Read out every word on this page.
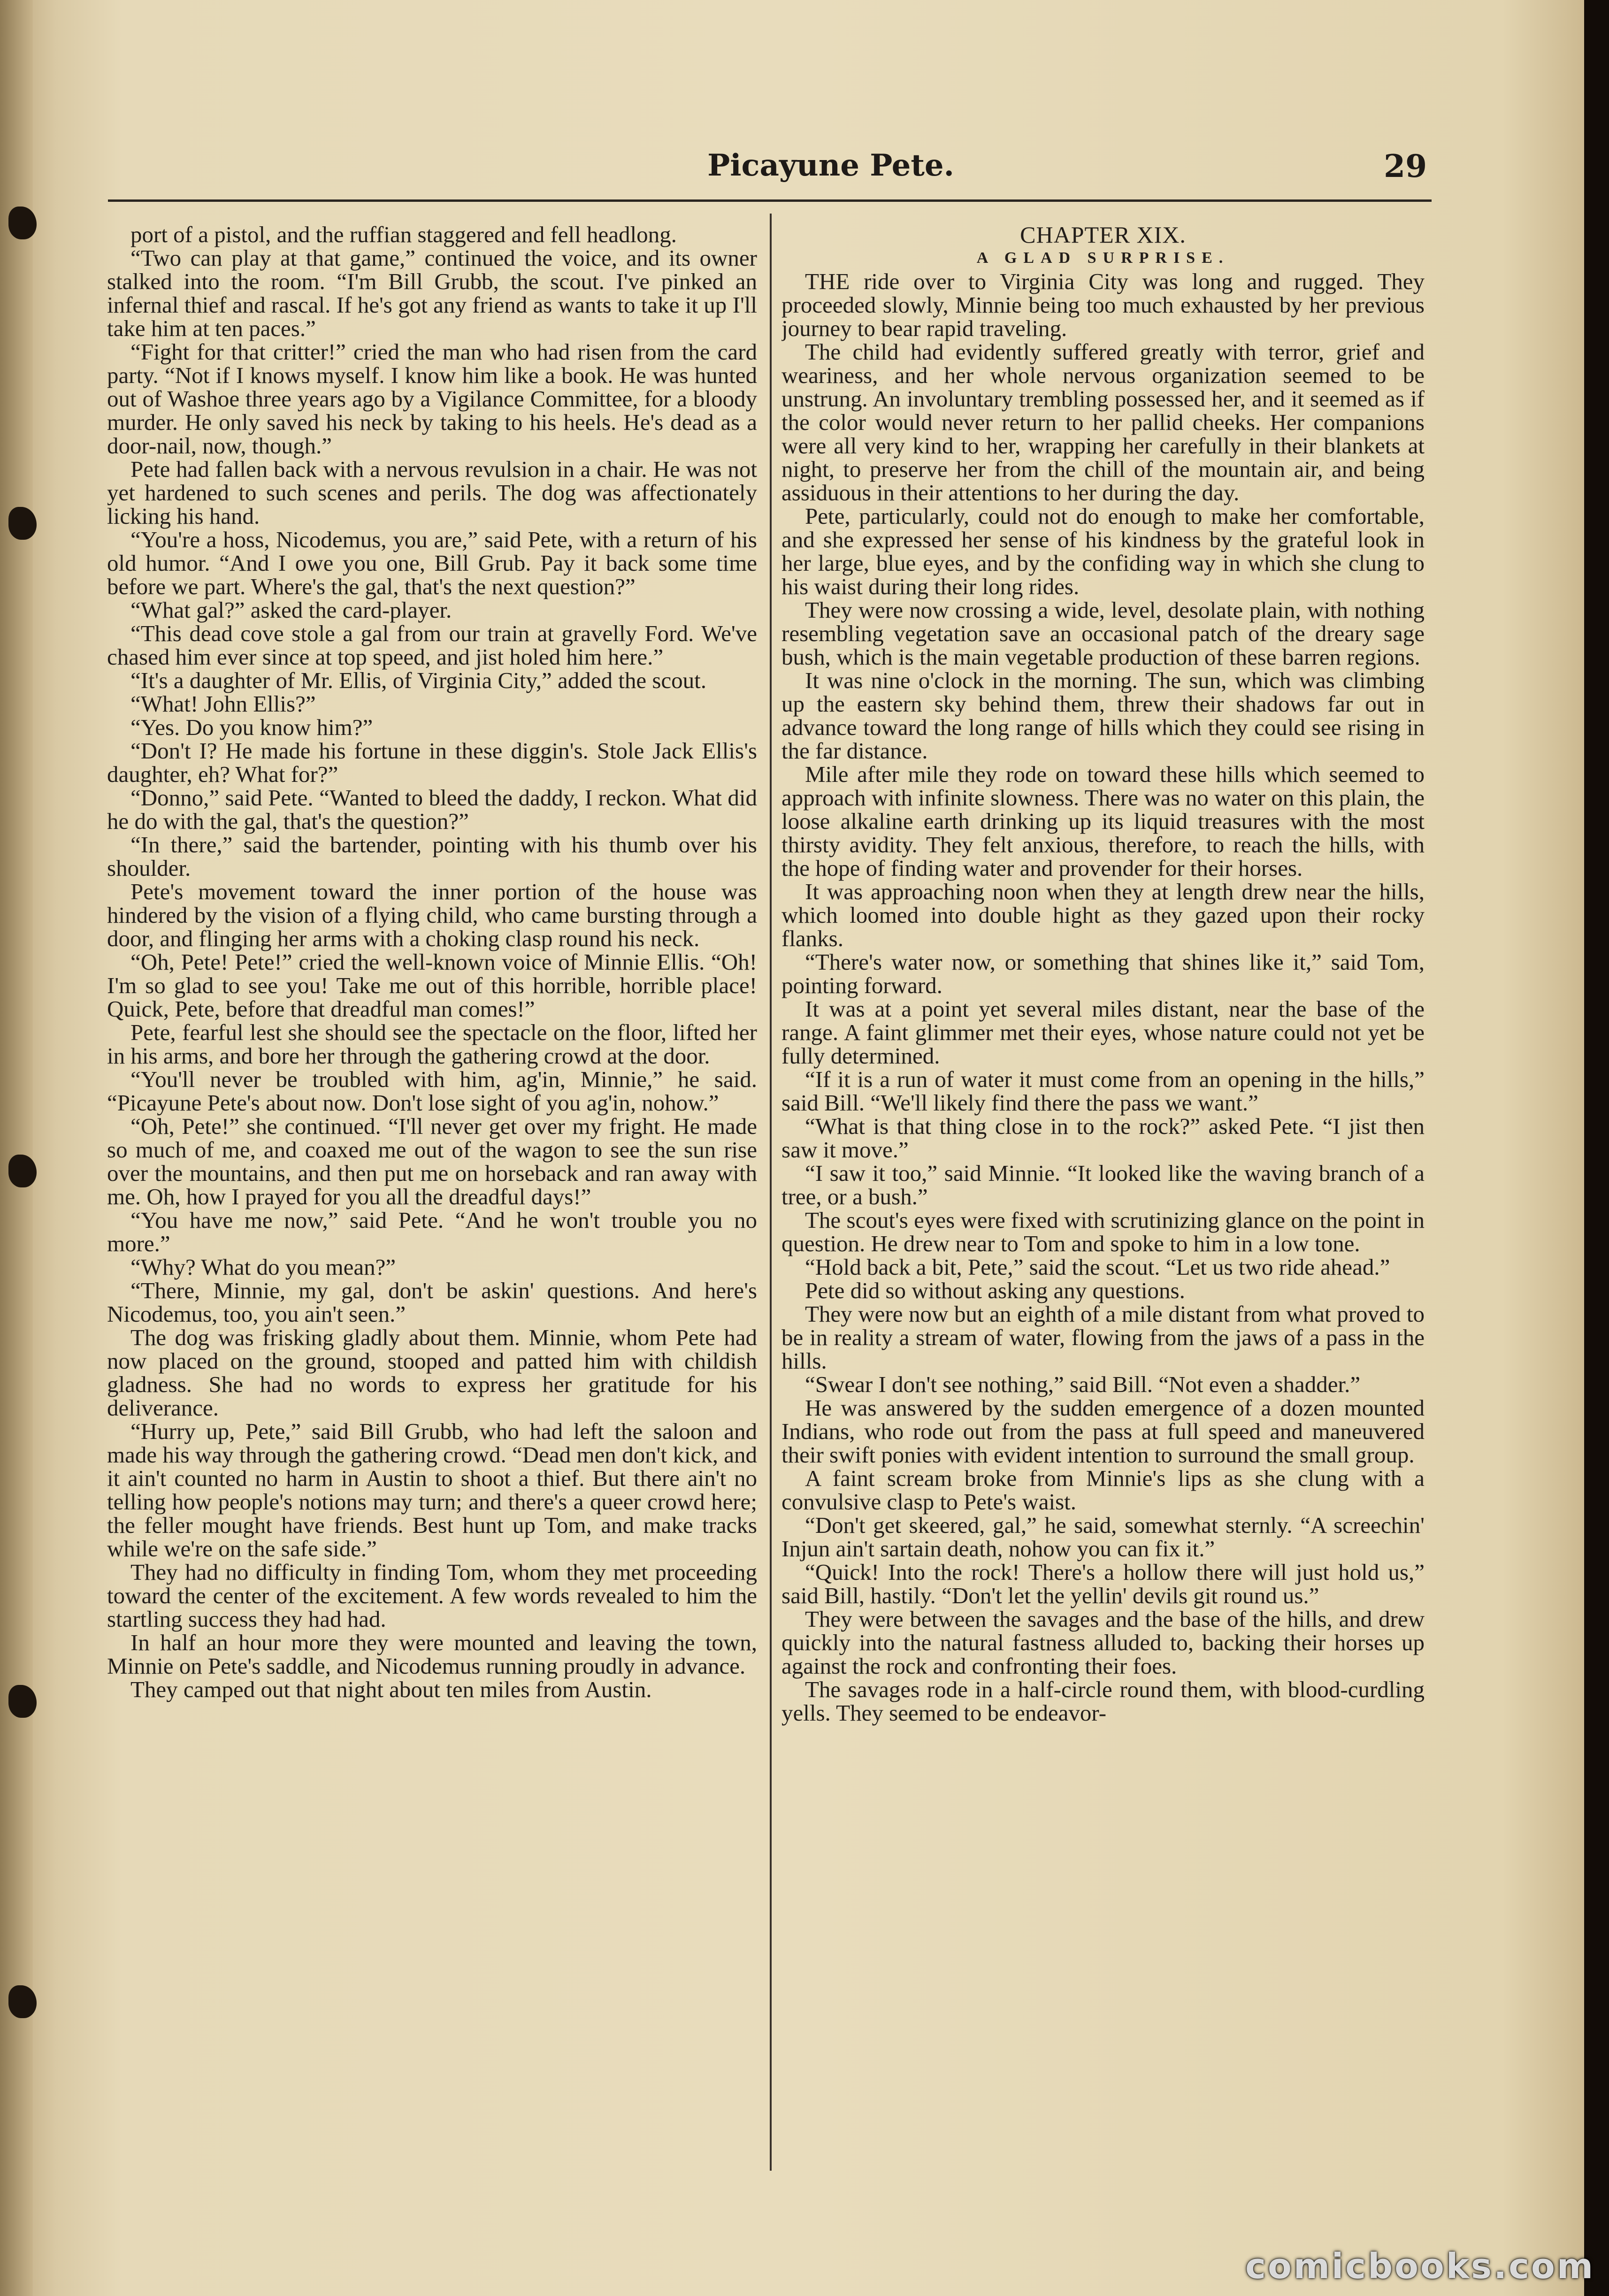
Picayune Pete.	29

port of a pistol, and the ruffian staggered and fell headlong.

“Two can play at that game,” continued the voice, and its owner stalked into the room. “I'm Bill Grubb, the scout. I've pinked an infernal thief and rascal. If he's got any friend as wants to take it up I'll take him at ten paces.”

“Fight for that critter!” cried the man who had risen from the card party. “Not if I knows myself. I know him like a book. He was hunted out of Washoe three years ago by a Vigilance Committee, for a bloody murder. He only saved his neck by taking to his heels. He's dead as a door-nail, now, though.”

Pete had fallen back with a nervous revulsion in a chair. He was not yet hardened to such scenes and perils. The dog was affectionately licking his hand.

“You're a hoss, Nicodemus, you are,” said Pete, with a return of his old humor. “And I owe you one, Bill Grub. Pay it back some time before we part. Where's the gal, that's the next question?”

“What gal?” asked the card-player.

“This dead cove stole a gal from our train at gravelly Ford. We've chased him ever since at top speed, and jist holed him here.”

“It's a daughter of Mr. Ellis, of Virginia City,” added the scout.

“What! John Ellis?”

“Yes. Do you know him?”

“Don't I? He made his fortune in these diggin's. Stole Jack Ellis's daughter, eh? What for?”

“Donno,” said Pete. “Wanted to bleed the daddy, I reckon. What did he do with the gal, that's the question?”

“In there,” said the bartender, pointing with his thumb over his shoulder.

Pete's movement toward the inner portion of the house was hindered by the vision of a flying child, who came bursting through a door, and flinging her arms with a choking clasp round his neck.

“Oh, Pete! Pete!” cried the well-known voice of Minnie Ellis. “Oh! I'm so glad to see you! Take me out of this horrible, horrible place! Quick, Pete, before that dreadful man comes!”

Pete, fearful lest she should see the spectacle on the floor, lifted her in his arms, and bore her through the gathering crowd at the door.

“You'll never be troubled with him, ag'in, Minnie,” he said. “Picayune Pete's about now. Don't lose sight of you ag'in, nohow.”

“Oh, Pete!” she continued. “I'll never get over my fright. He made so much of me, and coaxed me out of the wagon to see the sun rise over the mountains, and then put me on horseback and ran away with me. Oh, how I prayed for you all the dreadful days!”

“You have me now,” said Pete. “And he won't trouble you no more.”

“Why? What do you mean?”

“There, Minnie, my gal, don't be askin' questions. And here's Nicodemus, too, you ain't seen.”

The dog was frisking gladly about them. Minnie, whom Pete had now placed on the ground, stooped and patted him with childish gladness. She had no words to express her gratitude for his deliverance.

“Hurry up, Pete,” said Bill Grubb, who had left the saloon and made his way through the gathering crowd. “Dead men don't kick, and it ain't counted no harm in Austin to shoot a thief. But there ain't no telling how people's notions may turn; and there's a queer crowd here; the feller mought have friends. Best hunt up Tom, and make tracks while we're on the safe side.”

They had no difficulty in finding Tom, whom they met proceeding toward the center of the excitement. A few words revealed to him the startling success they had had.

In half an hour more they were mounted and leaving the town, Minnie on Pete's saddle, and Nicodemus running proudly in advance.

They camped out that night about ten miles from Austin.

CHAPTER XIX.

A GLAD SURPRISE.

THE ride over to Virginia City was long and rugged. They proceeded slowly, Minnie being too much exhausted by her previous journey to bear rapid traveling.

The child had evidently suffered greatly with terror, grief and weariness, and her whole nervous organization seemed to be unstrung. An involuntary trembling possessed her, and it seemed as if the color would never return to her pallid cheeks. Her companions were all very kind to her, wrapping her carefully in their blankets at night, to preserve her from the chill of the mountain air, and being assiduous in their attentions to her during the day.

Pete, particularly, could not do enough to make her comfortable, and she expressed her sense of his kindness by the grateful look in her large, blue eyes, and by the confiding way in which she clung to his waist during their long rides.

They were now crossing a wide, level, desolate plain, with nothing resembling vegetation save an occasional patch of the dreary sage bush, which is the main vegetable production of these barren regions.

It was nine o'clock in the morning. The sun, which was climbing up the eastern sky behind them, threw their shadows far out in advance toward the long range of hills which they could see rising in the far distance.

Mile after mile they rode on toward these hills which seemed to approach with infinite slowness. There was no water on this plain, the loose alkaline earth drinking up its liquid treasures with the most thirsty avidity. They felt anxious, therefore, to reach the hills, with the hope of finding water and provender for their horses.

It was approaching noon when they at length drew near the hills, which loomed into double hight as they gazed upon their rocky flanks.

“There's water now, or something that shines like it,” said Tom, pointing forward.

It was at a point yet several miles distant, near the base of the range. A faint glimmer met their eyes, whose nature could not yet be fully determined.

“If it is a run of water it must come from an opening in the hills,” said Bill. “We'll likely find there the pass we want.”

“What is that thing close in to the rock?” asked Pete. “I jist then saw it move.”

“I saw it too,” said Minnie. “It looked like the waving branch of a tree, or a bush.”

The scout's eyes were fixed with scrutinizing glance on the point in question. He drew near to Tom and spoke to him in a low tone.

“Hold back a bit, Pete,” said the scout. “Let us two ride ahead.”

Pete did so without asking any questions.

They were now but an eighth of a mile distant from what proved to be in reality a stream of water, flowing from the jaws of a pass in the hills.

“Swear I don't see nothing,” said Bill. “Not even a shadder.”

He was answered by the sudden emergence of a dozen mounted Indians, who rode out from the pass at full speed and maneuvered their swift ponies with evident intention to surround the small group.

A faint scream broke from Minnie's lips as she clung with a convulsive clasp to Pete's waist.

“Don't get skeered, gal,” he said, somewhat sternly. “A screechin' Injun ain't sartain death, nohow you can fix it.”

“Quick! Into the rock! There's a hollow there will just hold us,” said Bill, hastily. “Don't let the yellin' devils git round us.”

They were between the savages and the base of the hills, and drew quickly into the natural fastness alluded to, backing their horses up against the rock and confronting their foes.

The savages rode in a half-circle round them, with blood-curdling yells. They seemed to be endeavor-

comicbooks.com
